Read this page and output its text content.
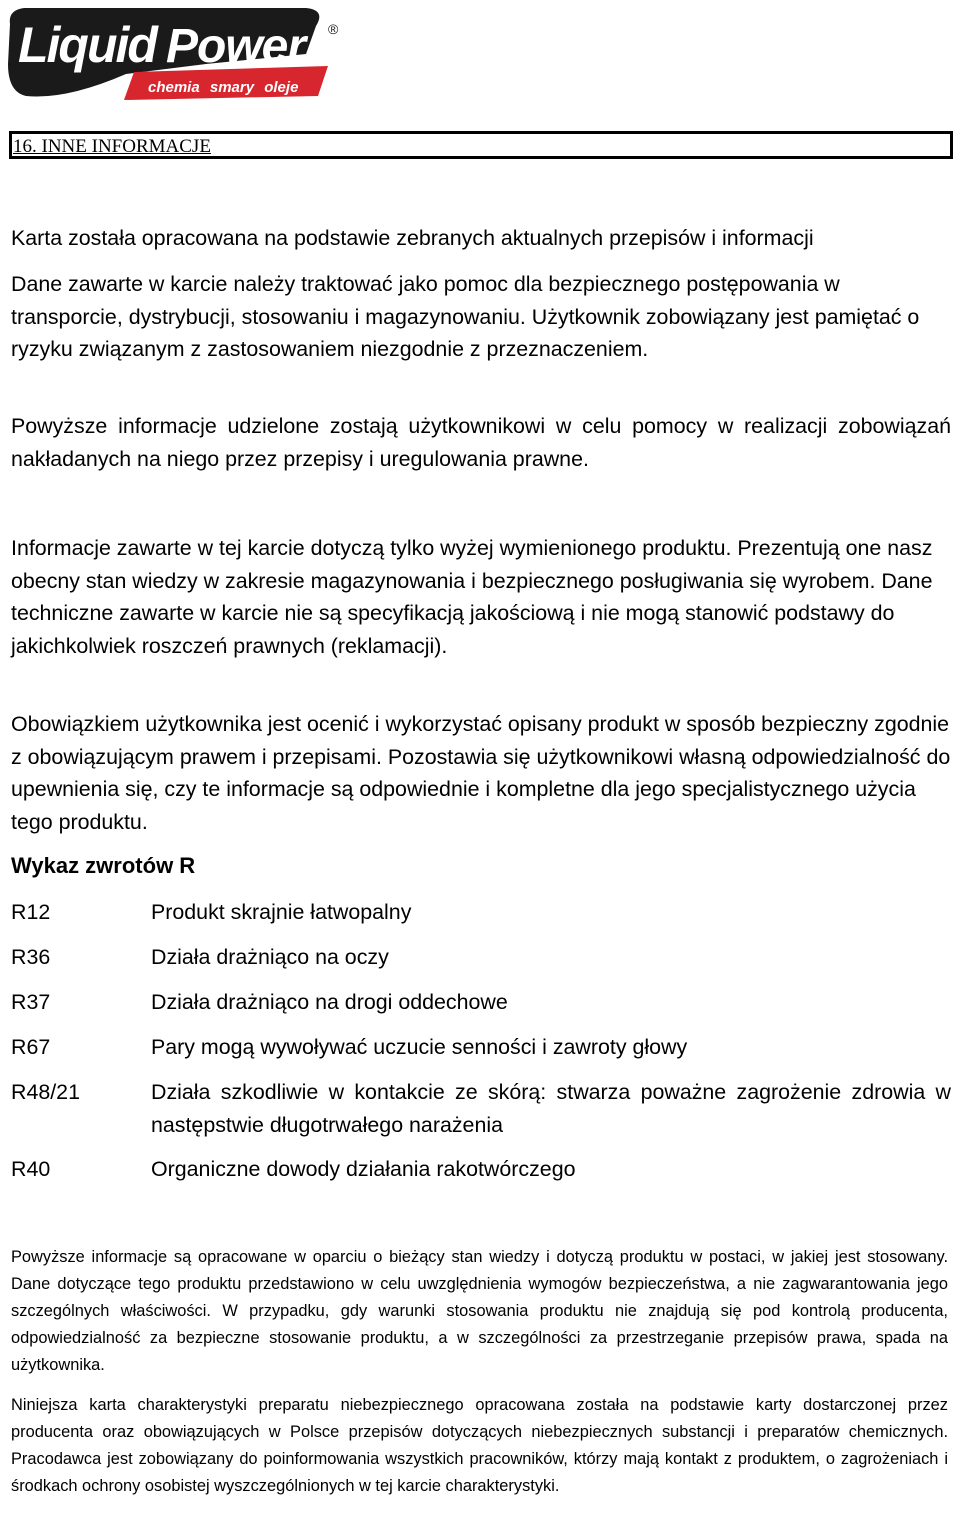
Liquid Power ®
chemia smary oleje
16. INNE INFORMACJE

Karta została opracowana na podstawie zebranych aktualnych przepisów i informacji

Dane zawarte w karcie należy traktować jako pomoc dla bezpiecznego postępowania w transporcie, dystrybucji, stosowaniu i magazynowaniu. Użytkownik zobowiązany jest pamiętać o ryzyku związanym z zastosowaniem niezgodnie z przeznaczeniem.

Powyższe informacje udzielone zostają użytkownikowi w celu pomocy w realizacji zobowiązań nakładanych na niego przez przepisy i uregulowania prawne.

Informacje zawarte w tej karcie dotyczą tylko wyżej wymienionego produktu. Prezentują one nasz obecny stan wiedzy w zakresie magazynowania i bezpiecznego posługiwania się wyrobem. Dane techniczne zawarte w karcie nie są specyfikacją jakościową i nie mogą stanowić podstawy do jakichkolwiek roszczeń prawnych (reklamacji).

Obowiązkiem użytkownika jest ocenić i wykorzystać opisany produkt w sposób bezpieczny zgodnie z obowiązującym prawem i przepisami. Pozostawia się użytkownikowi własną odpowiedzialność do upewnienia się, czy te informacje są odpowiednie i kompletne dla jego specjalistycznego użycia tego produktu.

Wykaz zwrotów R
R12	Produkt skrajnie łatwopalny
R36	Działa drażniąco na oczy
R37	Działa drażniąco na drogi oddechowe
R67	Pary mogą wywoływać uczucie senności i zawroty głowy
R48/21	Działa szkodliwie w kontakcie ze skórą: stwarza poważne zagrożenie zdrowia w następstwie długotrwałego narażenia
R40	Organiczne dowody działania rakotwórczego

Powyższe informacje są opracowane w oparciu o bieżący stan wiedzy i dotyczą produktu w postaci, w jakiej jest stosowany. Dane dotyczące tego produktu przedstawiono w celu uwzględnienia wymogów bezpieczeństwa, a nie zagwarantowania jego szczególnych właściwości. W przypadku, gdy warunki stosowania produktu nie znajdują się pod kontrolą producenta, odpowiedzialność za bezpieczne stosowanie produktu, a w szczególności za przestrzeganie przepisów prawa, spada na użytkownika.

Niniejsza karta charakterystyki preparatu niebezpiecznego opracowana została na podstawie karty dostarczonej przez producenta oraz obowiązujących w Polsce przepisów dotyczących niebezpiecznych substancji i preparatów chemicznych. Pracodawca jest zobowiązany do poinformowania wszystkich pracowników, którzy mają kontakt z produktem, o zagrożeniach i środkach ochrony osobistej wyszczególnionych w tej karcie charakterystyki.
